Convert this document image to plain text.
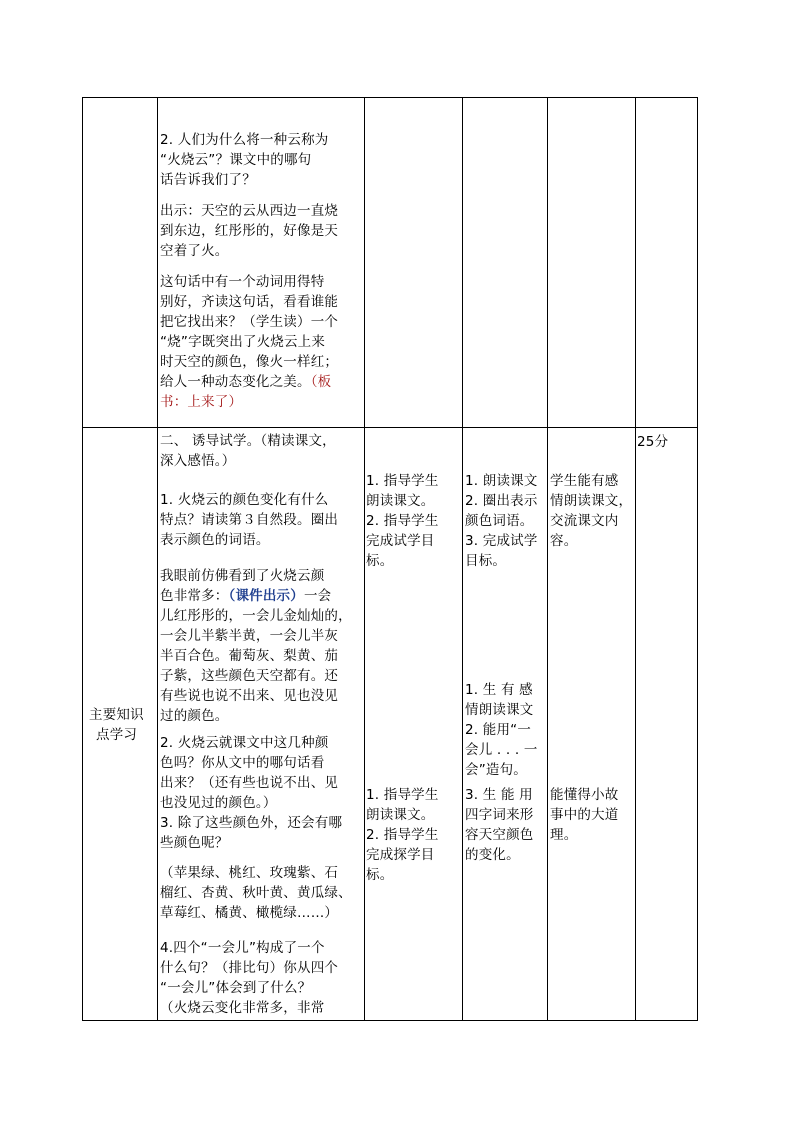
2. 人们为什么将一种云称为
“火烧云”？课文中的哪句
话告诉我们了？
出示：天空的云从西边一直烧
到东边，红彤彤的，好像是天
空着了火。
这句话中有一个动词用得特
别好，齐读这句话，看看谁能
把它找出来？（学生读）一个
“烧”字既突出了火烧云上来
时天空的颜色，像火一样红；
给人一种动态变化之美。（板
书：上来了）
主要知识
点学习
二、 诱导试学。（精读课文，
深入感悟。）
1. 火烧云的颜色变化有什么
特点？请读第３自然段。圈出
表示颜色的词语。
我眼前仿佛看到了火烧云颜
色非常多：（课件出示）一会
儿红彤彤的，一会儿金灿灿的，
一会儿半紫半黄，一会儿半灰
半百合色。葡萄灰、梨黄、茄
子紫，这些颜色天空都有。还
有些说也说不出来、见也没见
过的颜色。
2. 火烧云就课文中这几种颜
色吗？你从文中的哪句话看
出来？（还有些也说不出、见
也没见过的颜色。）
3. 除了这些颜色外，还会有哪
些颜色呢？
（苹果绿、桃红、玫瑰紫、石
榴红、杏黄、秋叶黄、黄瓜绿、
草莓红、橘黄、橄榄绿……）
4.四个“一会儿”构成了一个
什么句？（排比句）你从四个
“一会儿”体会到了什么？
（火烧云变化非常多，非常
1. 指导学生
朗读课文。
2. 指导学生
完成试学目
标。
1. 指导学生
朗读课文。
2. 指导学生
完成探学目
标。
1. 朗读课文
2. 圈出表示
颜色词语。
3. 完成试学
目标。
1. 生 有 感
情朗读课文
2. 能用“一
会儿 . . . 一
会”造句。
3. 生 能 用
四字词来形
容天空颜色
的变化。
学生能有感
情朗读课文，
交流课文内
容。
能懂得小故
事中的大道
理。
25分
